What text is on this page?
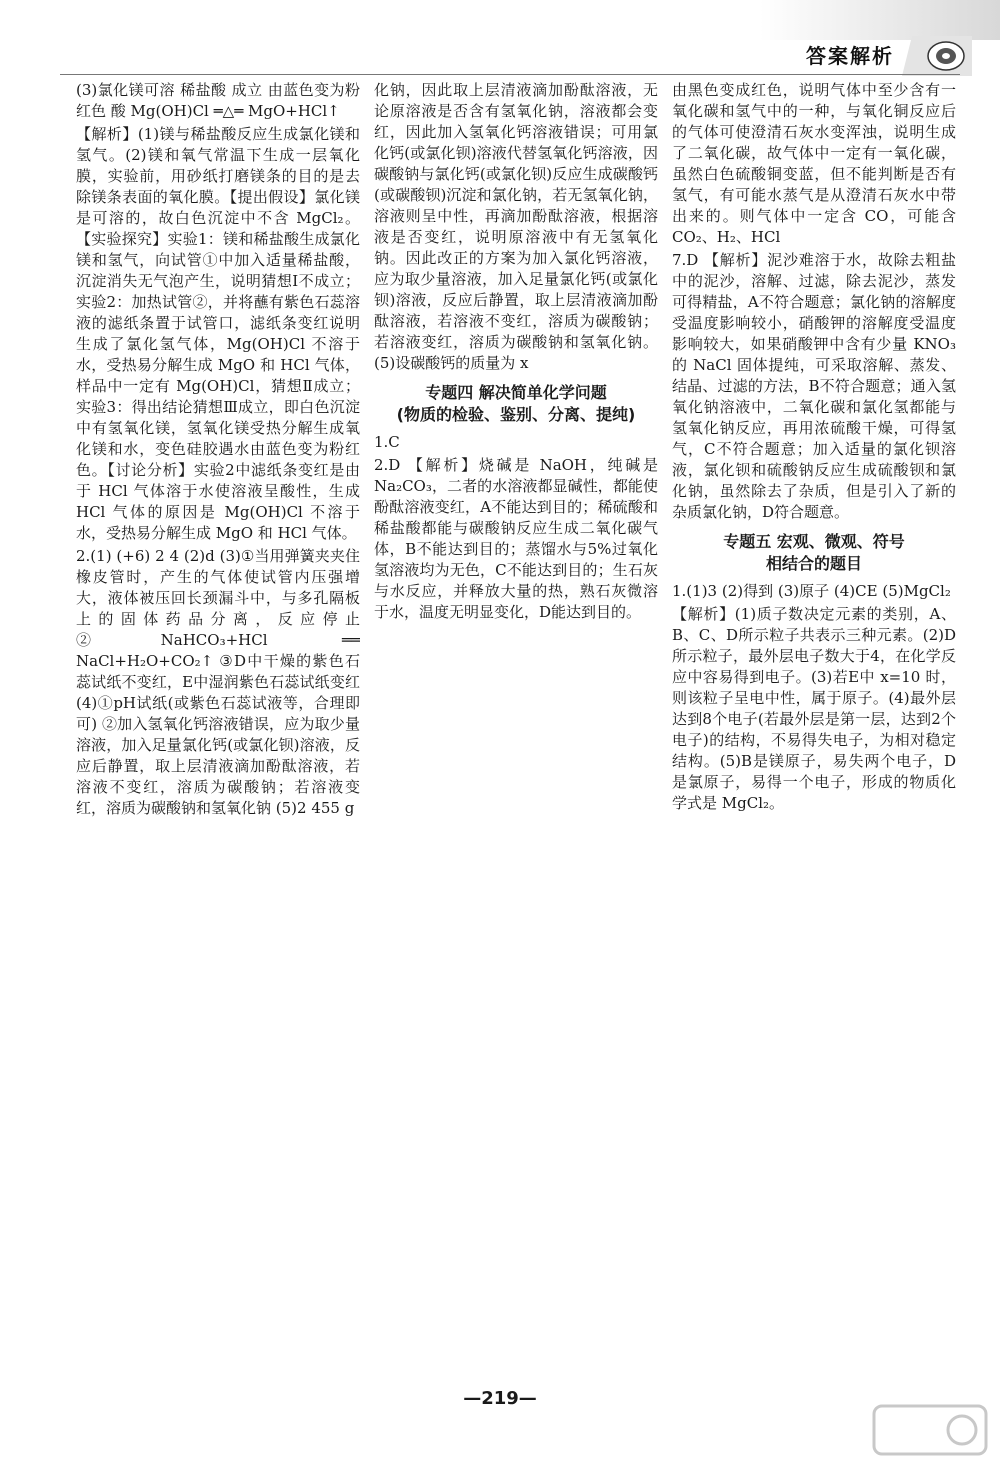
答案解析

(3)氯化镁可溶 稀盐酸 成立 由蓝色变为粉红色 酸 Mg(OH)Cl ═△═ MgO+HCl↑

【解析】(1)镁与稀盐酸反应生成氯化镁和氢气。(2)镁和氧气常温下生成一层氧化膜，实验前，用砂纸打磨镁条的目的是去除镁条表面的氧化膜。【提出假设】氯化镁是可溶的，故白色沉淀中不含 MgCl₂。【实验探究】实验1：镁和稀盐酸生成氯化镁和氢气，向试管①中加入适量稀盐酸，沉淀消失无气泡产生，说明猜想Ⅰ不成立；实验2：加热试管②，并将蘸有紫色石蕊溶液的滤纸条置于试管口，滤纸条变红说明生成了氯化氢气体，Mg(OH)Cl 不溶于水，受热易分解生成 MgO 和 HCl 气体，样品中一定有 Mg(OH)Cl，猜想Ⅱ成立；实验3：得出结论猜想Ⅲ成立，即白色沉淀中有氢氧化镁，氢氧化镁受热分解生成氧化镁和水，变色硅胶遇水由蓝色变为粉红色。【讨论分析】实验2中滤纸条变红是由于 HCl 气体溶于水使溶液呈酸性，生成 HCl 气体的原因是 Mg(OH)Cl 不溶于水，受热易分解生成 MgO 和 HCl 气体。

2.(1) (+6) 2 4 (2)d (3)①当用弹簧夹夹住橡皮管时，产生的气体使试管内压强增大，液体被压回长颈漏斗中，与多孔隔板上的固体药品分离，反应停止 ②NaHCO₃+HCl ══ NaCl+H₂O+CO₂↑ ③D中干燥的紫色石蕊试纸不变红，E中湿润紫色石蕊试纸变红 (4)①pH试纸(或紫色石蕊试液等，合理即可) ②加入氢氧化钙溶液错误，应为取少量溶液，加入足量氯化钙(或氯化钡)溶液，反应后静置，取上层清液滴加酚酞溶液，若溶液不变红，溶质为碳酸钠；若溶液变红，溶质为碳酸钠和氢氧化钠 (5)2 455 g

化钠，因此取上层清液滴加酚酞溶液，无论原溶液是否含有氢氧化钠，溶液都会变红，因此加入氢氧化钙溶液错误；可用氯化钙(或氯化钡)溶液代替氢氧化钙溶液，因碳酸钠与氯化钙(或氯化钡)反应生成碳酸钙(或碳酸钡)沉淀和氯化钠，若无氢氧化钠，溶液则呈中性，再滴加酚酞溶液，根据溶液是否变红，说明原溶液中有无氢氧化钠。因此改正的方案为加入氯化钙溶液，应为取少量溶液，加入足量氯化钙(或氯化钡)溶液，反应后静置，取上层清液滴加酚酞溶液，若溶液不变红，溶质为碳酸钠；若溶液变红，溶质为碳酸钠和氢氧化钠。(5)设碳酸钙的质量为 x

专题四 解决简单化学问题
(物质的检验、鉴别、分离、提纯)

1.C

2.D 【解析】烧碱是 NaOH，纯碱是 Na₂CO₃，二者的水溶液都显碱性，都能使酚酞溶液变红，A不能达到目的；稀硫酸和稀盐酸都能与碳酸钠反应生成二氧化碳气体，B不能达到目的；蒸馏水与5%过氧化氢溶液均为无色，C不能达到目的；生石灰与水反应，并释放大量的热，熟石灰微溶于水，温度无明显变化，D能达到目的。

由黑色变成红色，说明气体中至少含有一氧化碳和氢气中的一种，与氧化铜反应后的气体可使澄清石灰水变浑浊，说明生成了二氧化碳，故气体中一定有一氧化碳，虽然白色硫酸铜变蓝，但不能判断是否有氢气，有可能水蒸气是从澄清石灰水中带出来的。则气体中一定含 CO，可能含 CO₂、H₂、HCl

7.D 【解析】泥沙难溶于水，故除去粗盐中的泥沙，溶解、过滤，除去泥沙，蒸发可得精盐，A不符合题意；氯化钠的溶解度受温度影响较小，硝酸钾的溶解度受温度影响较大，如果硝酸钾中含有少量 KNO₃ 的 NaCl 固体提纯，可采取溶解、蒸发、结晶、过滤的方法，B不符合题意；通入氢氧化钠溶液中，二氧化碳和氯化氢都能与氢氧化钠反应，再用浓硫酸干燥，可得氢气，C不符合题意；加入适量的氯化钡溶液，氯化钡和硫酸钠反应生成硫酸钡和氯化钠，虽然除去了杂质，但是引入了新的杂质氯化钠，D符合题意。

专题五 宏观、微观、符号
相结合的题目

1.(1)3 (2)得到 (3)原子 (4)CE (5)MgCl₂

【解析】(1)质子数决定元素的类别，A、B、C、D所示粒子共表示三种元素。(2)D所示粒子，最外层电子数大于4，在化学反应中容易得到电子。(3)若E中 x=10 时，则该粒子呈电中性，属于原子。(4)最外层达到8个电子(若最外层是第一层，达到2个电子)的结构，不易得失电子，为相对稳定结构。(5)B是镁原子，易失两个电子，D是氯原子，易得一个电子，形成的物质化学式是 MgCl₂。

—219—
